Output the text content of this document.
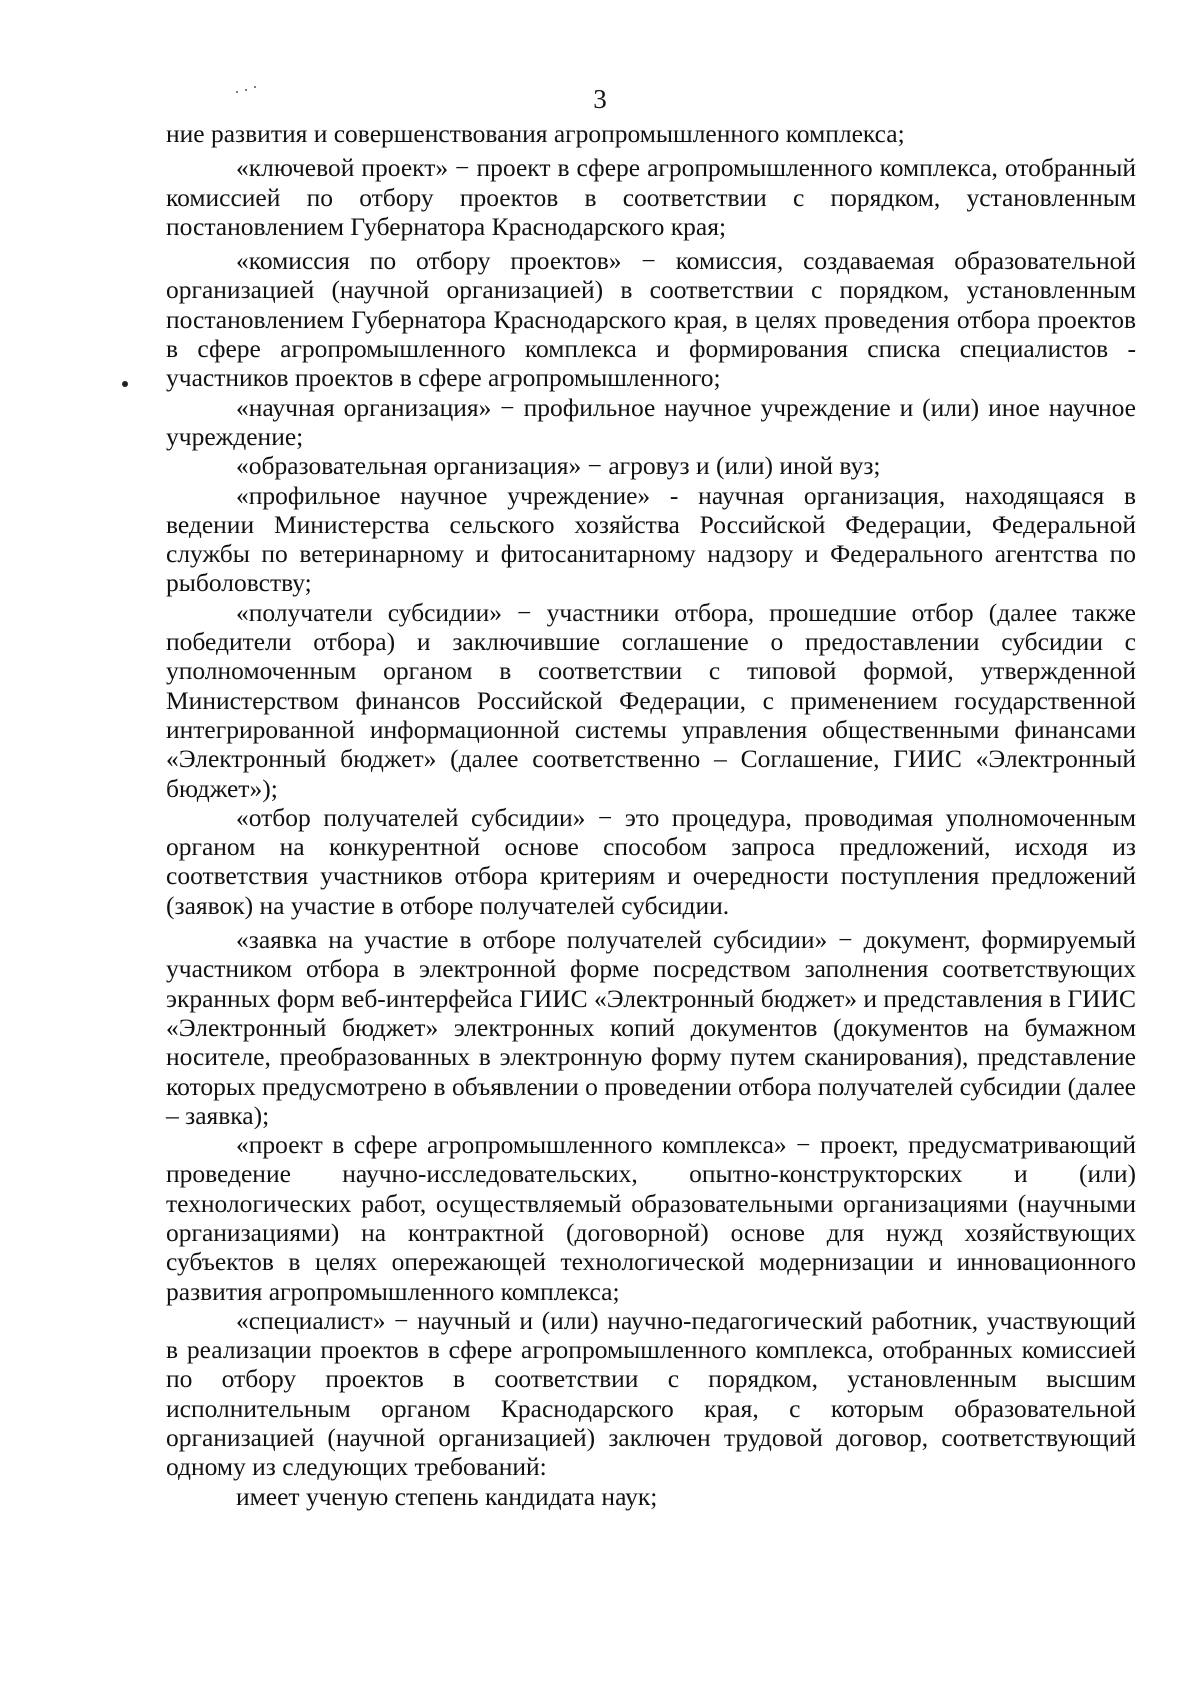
3

ние развития и совершенствования агропромышленного комплекса;

«ключевой проект» − проект в сфере агропромышленного комплекса, отобранный комиссией по отбору проектов в соответствии с порядком, установленным постановлением Губернатора Краснодарского края;

«комиссия по отбору проектов» − комиссия, создаваемая образовательной организацией (научной организацией) в соответствии с порядком, установленным постановлением Губернатора Краснодарского края, в целях проведения отбора проектов в сфере агропромышленного комплекса и формирования списка специалистов - участников проектов в сфере агропромышленного;

«научная организация» − профильное научное учреждение и (или) иное научное учреждение;

«образовательная организация» − агровуз и (или) иной вуз;

«профильное научное учреждение» - научная организация, находящаяся в ведении Министерства сельского хозяйства Российской Федерации, Федеральной службы по ветеринарному и фитосанитарному надзору и Федерального агентства по рыболовству;

«получатели субсидии» − участники отбора, прошедшие отбор (далее также победители отбора) и заключившие соглашение о предоставлении субсидии с уполномоченным органом в соответствии с типовой формой, утвержденной Министерством финансов Российской Федерации, с применением государственной интегрированной информационной системы управления общественными финансами «Электронный бюджет» (далее соответственно – Соглашение, ГИИС «Электронный бюджет»);

«отбор получателей субсидии» − это процедура, проводимая уполномоченным органом на конкурентной основе способом запроса предложений, исходя из соответствия участников отбора критериям и очередности поступления предложений (заявок) на участие в отборе получателей субсидии.

«заявка на участие в отборе получателей субсидии» − документ, формируемый участником отбора в электронной форме посредством заполнения соответствующих экранных форм веб-интерфейса ГИИС «Электронный бюджет» и представления в ГИИС «Электронный бюджет» электронных копий документов (документов на бумажном носителе, преобразованных в электронную форму путем сканирования), представление которых предусмотрено в объявлении о проведении отбора получателей субсидии (далее – заявка);

«проект в сфере агропромышленного комплекса» − проект, предусматривающий проведение научно-исследовательских, опытно-конструкторских и (или) технологических работ, осуществляемый образовательными организациями (научными организациями) на контрактной (договорной) основе для нужд хозяйствующих субъектов в целях опережающей технологической модернизации и инновационного развития агропромышленного комплекса;

«специалист» − научный и (или) научно-педагогический работник, участвующий в реализации проектов в сфере агропромышленного комплекса, отобранных комиссией по отбору проектов в соответствии с порядком, установленным высшим исполнительным органом Краснодарского края, с которым образовательной организацией (научной организацией) заключен трудовой договор, соответствующий одному из следующих требований:

имеет ученую степень кандидата наук;
